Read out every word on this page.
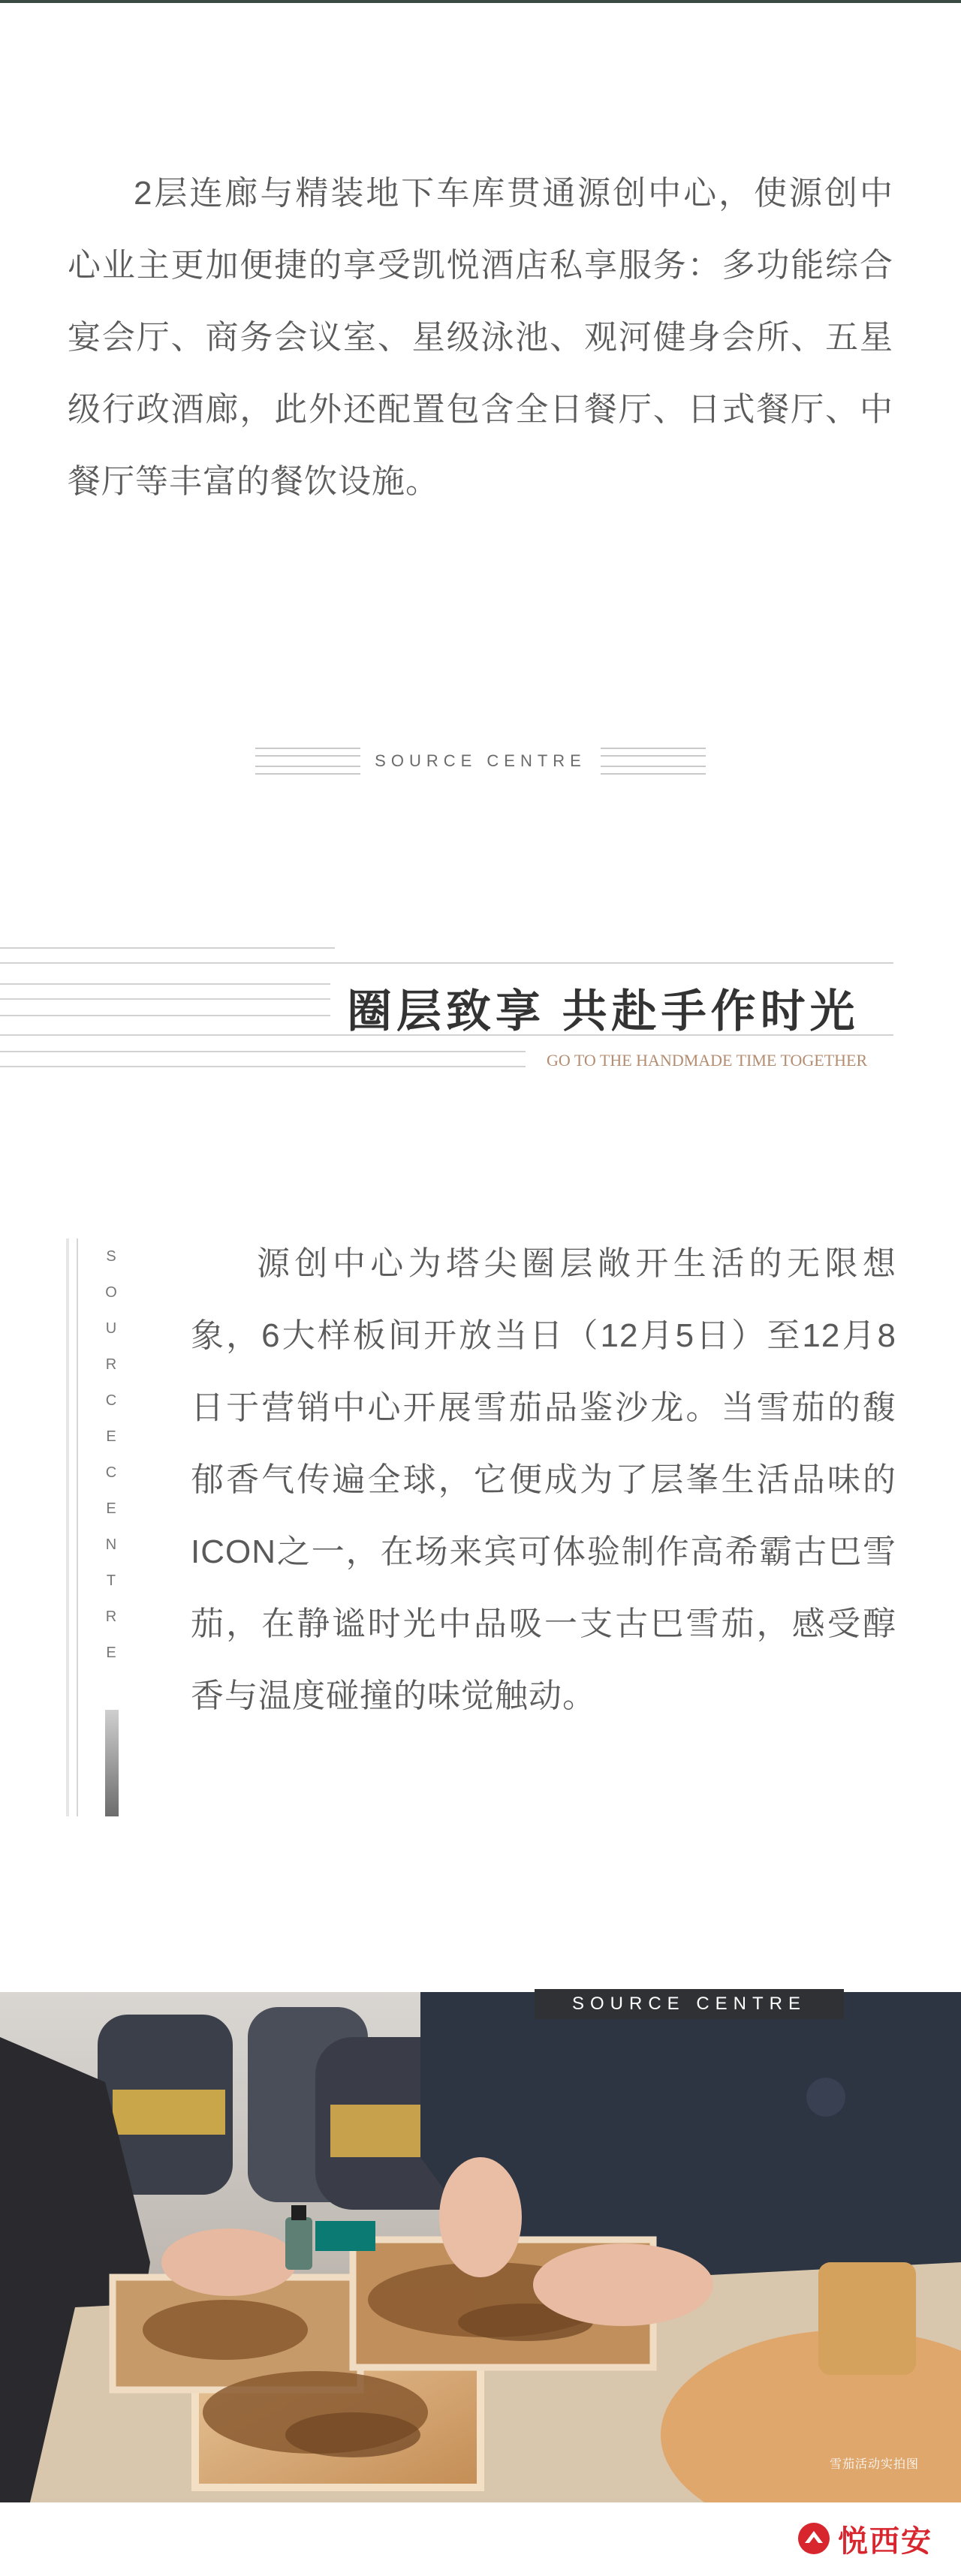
2层连廊与精装地下车库贯通源创中心，使源创中心业主更加便捷的享受凯悦酒店私享服务：多功能综合宴会厅、商务会议室、星级泳池、观河健身会所、五星级行政酒廊，此外还配置包含全日餐厅、日式餐厅、中餐厅等丰富的餐饮设施。

SOURCE CENTRE
圈层致享 共赴手作时光
GO TO THE HANDMADE TIME TOGETHER
SOURCE CENTRE

源创中心为塔尖圈层敞开生活的无限想象，6大样板间开放当日（12月5日）至12月8日于营销中心开展雪茄品鉴沙龙。当雪茄的馥郁香气传遍全球，它便成为了层峯生活品味的ICON之一，在场来宾可体验制作高希霸古巴雪茄，在静谧时光中品吸一支古巴雪茄，感受醇香与温度碰撞的味觉触动。

SOURCE CENTRE
雪茄活动实拍图
悦西安
